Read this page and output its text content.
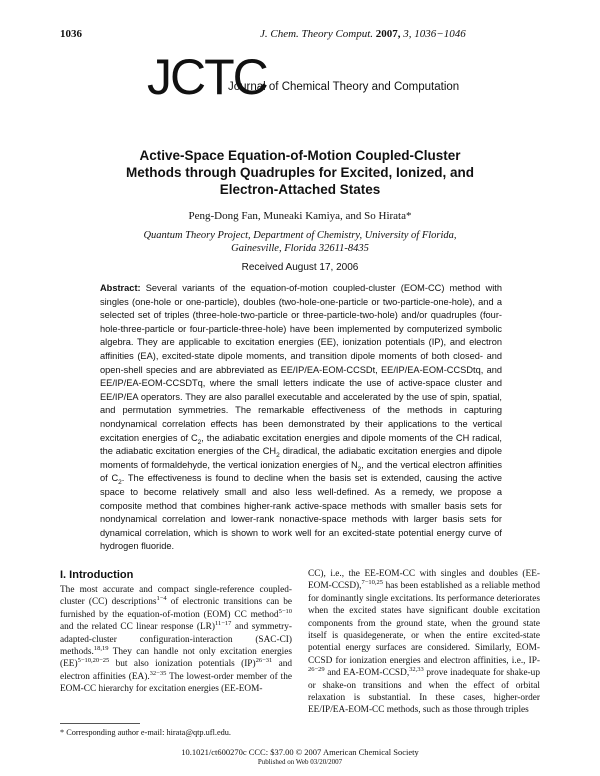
1036	J. Chem. Theory Comput. 2007, 3, 1036−1046
JCTC
Journal of Chemical Theory and Computation
Active-Space Equation-of-Motion Coupled-Cluster
Methods through Quadruples for Excited, Ionized, and
Electron-Attached States
Peng-Dong Fan, Muneaki Kamiya, and So Hirata*
Quantum Theory Project, Department of Chemistry, University of Florida,
Gainesville, Florida 32611-8435
Received August 17, 2006
Abstract: Several variants of the equation-of-motion coupled-cluster (EOM-CC) method with singles (one-hole or one-particle), doubles (two-hole-one-particle or two-particle-one-hole), and a selected set of triples (three-hole-two-particle or three-particle-two-hole) and/or quadruples (four-hole-three-particle or four-particle-three-hole) have been implemented by computerized symbolic algebra. They are applicable to excitation energies (EE), ionization potentials (IP), and electron affinities (EA), excited-state dipole moments, and transition dipole moments of both closed- and open-shell species and are abbreviated as EE/IP/EA-EOM-CCSDt, EE/IP/EA-EOM-CCSDtq, and EE/IP/EA-EOM-CCSDTq, where the small letters indicate the use of active-space cluster and EE/IP/EA operators. They are also parallel executable and accelerated by the use of spin, spatial, and permutation symmetries. The remarkable effectiveness of the methods in capturing nondynamical correlation effects has been demonstrated by their applications to the vertical excitation energies of $C_2$, the adiabatic excitation energies and dipole moments of the CH radical, the adiabatic excitation energies of the $CH_2$ diradical, the adiabatic excitation energies and dipole moments of formaldehyde, the vertical ionization energies of $N_2$, and the vertical electron affinities of $C_2$. The effectiveness is found to decline when the basis set is extended, causing the active space to become relatively small and also less well-defined. As a remedy, we propose a composite method that combines higher-rank active-space methods with smaller basis sets for nondynamical correlation and lower-rank nonactive-space methods with larger basis sets for dynamical correlation, which is shown to work well for an excited-state potential energy curve of hydrogen fluoride.
I. Introduction
The most accurate and compact single-reference coupled-cluster (CC) descriptions$^{1-4}$ of electronic transitions can be furnished by the equation-of-motion (EOM) CC method$^{5-10}$ and the related CC linear response (LR)$^{11-17}$ and symmetry-adapted-cluster configuration-interaction (SAC-CI) methods.$^{18,19}$ They can handle not only excitation energies (EE)$^{5-10,20-25}$ but also ionization potentials (IP)$^{26-31}$ and electron affinities (EA).$^{32-35}$ The lowest-order member of the EOM-CC hierarchy for excitation energies (EE-EOM-
CC), i.e., the EE-EOM-CC with singles and doubles (EE-EOM-CCSD),$^{7-10,25}$ has been established as a reliable method for dominantly single excitations. Its performance deteriorates when the excited states have significant double excitation components from the ground state, when the ground state itself is quasidegenerate, or when the entire excited-state potential energy surfaces are considered. Similarly, EOM-CCSD for ionization energies and electron affinities, i.e., IP-$^{26-29}$ and EA-EOM-CCSD,$^{32,33}$ prove inadequate for shake-up or shake-on transitions and when the effect of orbital relaxation is substantial. In these cases, higher-order EE/IP/EA-EOM-CC methods, such as those through triples
* Corresponding author e-mail: hirata@qtp.ufl.edu.
10.1021/ct600270c CCC: $37.00 © 2007 American Chemical Society
Published on Web 03/20/2007
